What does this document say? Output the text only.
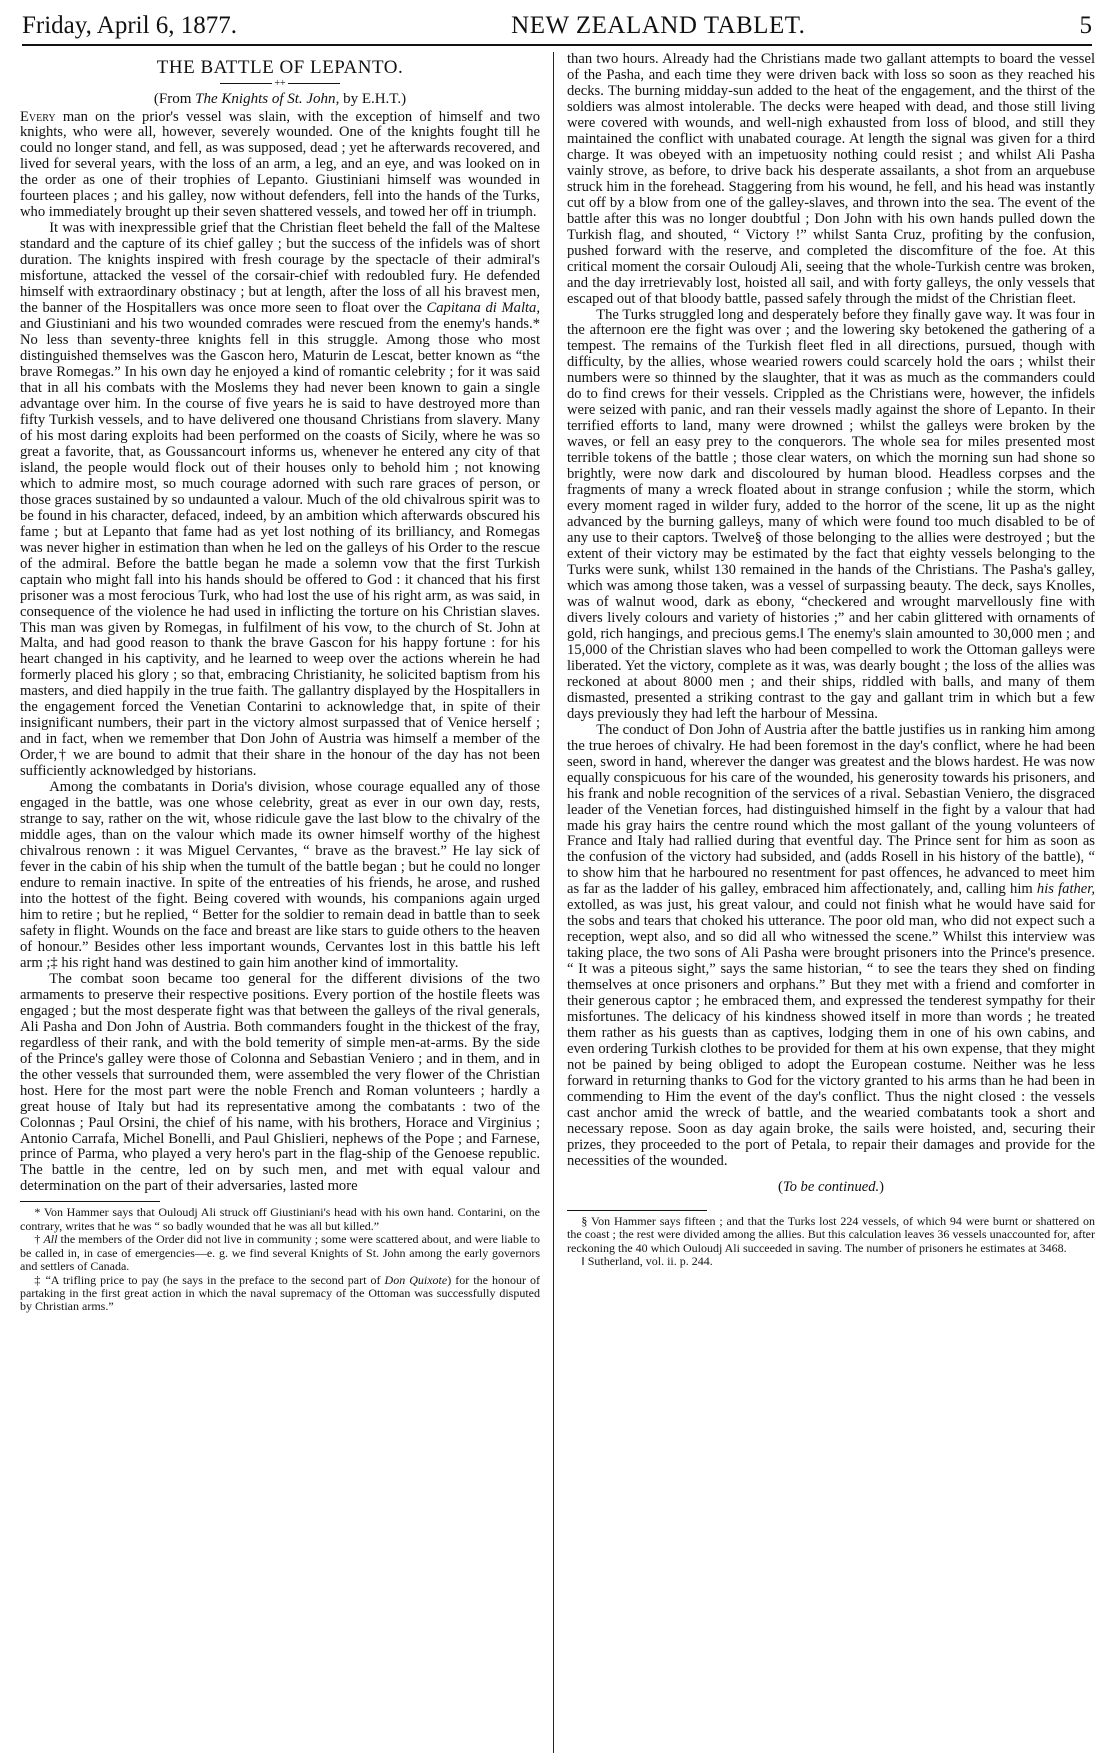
Friday, April 6, 1877.	NEW ZEALAND TABLET.	5
THE BATTLE OF LEPANTO.
++
(From The Knights of St. John, by E.H.T.)

Every man on the prior's vessel was slain, with the exception of himself and two knights, who were all, however, severely wounded. One of the knights fought till he could no longer stand, and fell, as was supposed, dead ; yet he afterwards recovered, and lived for several years, with the loss of an arm, a leg, and an eye, and was looked on in the order as one of their trophies of Lepanto. Giustiniani himself was wounded in fourteen places ; and his galley, now without defenders, fell into the hands of the Turks, who immediately brought up their seven shattered vessels, and towed her off in triumph.

It was with inexpressible grief that the Christian fleet beheld the fall of the Maltese standard and the capture of its chief galley ; but the success of the infidels was of short duration. The knights inspired with fresh courage by the spectacle of their admiral's misfortune, attacked the vessel of the corsair-chief with redoubled fury. He defended himself with extraordinary obstinacy ; but at length, after the loss of all his bravest men, the banner of the Hospitallers was once more seen to float over the Capitana di Malta, and Giustiniani and his two wounded comrades were rescued from the enemy's hands.* No less than seventy-three knights fell in this struggle. Among those who most distinguished themselves was the Gascon hero, Maturin de Lescat, better known as “the brave Romegas.” In his own day he enjoyed a kind of romantic celebrity ; for it was said that in all his combats with the Moslems they had never been known to gain a single advantage over him. In the course of five years he is said to have destroyed more than fifty Turkish vessels, and to have delivered one thousand Christians from slavery. Many of his most daring exploits had been performed on the coasts of Sicily, where he was so great a favorite, that, as Goussancourt informs us, whenever he entered any city of that island, the people would flock out of their houses only to behold him ; not knowing which to admire most, so much courage adorned with such rare graces of person, or those graces sustained by so undaunted a valour. Much of the old chivalrous spirit was to be found in his character, defaced, indeed, by an ambition which afterwards obscured his fame ; but at Lepanto that fame had as yet lost nothing of its brilliancy, and Romegas was never higher in estimation than when he led on the galleys of his Order to the rescue of the admiral. Before the battle began he made a solemn vow that the first Turkish captain who might fall into his hands should be offered to God : it chanced that his first prisoner was a most ferocious Turk, who had lost the use of his right arm, as was said, in consequence of the violence he had used in inflicting the torture on his Christian slaves. This man was given by Romegas, in fulfilment of his vow, to the church of St. John at Malta, and had good reason to thank the brave Gascon for his happy fortune : for his heart changed in his captivity, and he learned to weep over the actions wherein he had formerly placed his glory ; so that, embracing Christianity, he solicited baptism from his masters, and died happily in the true faith. The gallantry displayed by the Hospitallers in the engagement forced the Venetian Contarini to acknowledge that, in spite of their insignificant numbers, their part in the victory almost surpassed that of Venice herself ; and in fact, when we remember that Don John of Austria was himself a member of the Order,† we are bound to admit that their share in the honour of the day has not been sufficiently acknowledged by historians.

Among the combatants in Doria's division, whose courage equalled any of those engaged in the battle, was one whose celebrity, great as ever in our own day, rests, strange to say, rather on the wit, whose ridicule gave the last blow to the chivalry of the middle ages, than on the valour which made its owner himself worthy of the highest chivalrous renown : it was Miguel Cervantes, “ brave as the bravest.” He lay sick of fever in the cabin of his ship when the tumult of the battle began ; but he could no longer endure to remain inactive. In spite of the entreaties of his friends, he arose, and rushed into the hottest of the fight. Being covered with wounds, his companions again urged him to retire ; but he replied, “ Better for the soldier to remain dead in battle than to seek safety in flight. Wounds on the face and breast are like stars to guide others to the heaven of honour.” Besides other less important wounds, Cervantes lost in this battle his left arm ;‡ his right hand was destined to gain him another kind of immortality.

The combat soon became too general for the different divisions of the two armaments to preserve their respective positions. Every portion of the hostile fleets was engaged ; but the most desperate fight was that between the galleys of the rival generals, Ali Pasha and Don John of Austria. Both commanders fought in the thickest of the fray, regardless of their rank, and with the bold temerity of simple men-at-arms. By the side of the Prince's galley were those of Colonna and Sebastian Veniero ; and in them, and in the other vessels that surrounded them, were assembled the very flower of the Christian host. Here for the most part were the noble French and Roman volunteers ; hardly a great house of Italy but had its representative among the combatants : two of the Colonnas ; Paul Orsini, the chief of his name, with his brothers, Horace and Virginius ; Antonio Carrafa, Michel Bonelli, and Paul Ghislieri, nephews of the Pope ; and Farnese, prince of Parma, who played a very hero's part in the flag-ship of the Genoese republic. The battle in the centre, led on by such men, and met with equal valour and determination on the part of their adversaries, lasted more

* Von Hammer says that Ouloudj Ali struck off Giustiniani's head with his own hand. Contarini, on the contrary, writes that he was “ so badly wounded that he was all but killed.”

† All the members of the Order did not live in community ; some were scattered about, and were liable to be called in, in case of emergencies—e. g. we find several Knights of St. John among the early governors and settlers of Canada.

‡ “A trifling price to pay (he says in the preface to the second part of Don Quixote) for the honour of partaking in the first great action in which the naval supremacy of the Ottoman was successfully disputed by Christian arms.”

than two hours. Already had the Christians made two gallant attempts to board the vessel of the Pasha, and each time they were driven back with loss so soon as they reached his decks. The burning midday-sun added to the heat of the engagement, and the thirst of the soldiers was almost intolerable. The decks were heaped with dead, and those still living were covered with wounds, and well-nigh exhausted from loss of blood, and still they maintained the conflict with unabated courage. At length the signal was given for a third charge. It was obeyed with an impetuosity nothing could resist ; and whilst Ali Pasha vainly strove, as before, to drive back his desperate assailants, a shot from an arquebuse struck him in the forehead. Staggering from his wound, he fell, and his head was instantly cut off by a blow from one of the galley-slaves, and thrown into the sea. The event of the battle after this was no longer doubtful ; Don John with his own hands pulled down the Turkish flag, and shouted, “ Victory !” whilst Santa Cruz, profiting by the confusion, pushed forward with the reserve, and completed the discomfiture of the foe. At this critical moment the corsair Ouloudj Ali, seeing that the whole-Turkish centre was broken, and the day irretrievably lost, hoisted all sail, and with forty galleys, the only vessels that escaped out of that bloody battle, passed safely through the midst of the Christian fleet.

The Turks struggled long and desperately before they finally gave way. It was four in the afternoon ere the fight was over ; and the lowering sky betokened the gathering of a tempest. The remains of the Turkish fleet fled in all directions, pursued, though with difficulty, by the allies, whose wearied rowers could scarcely hold the oars ; whilst their numbers were so thinned by the slaughter, that it was as much as the commanders could do to find crews for their vessels. Crippled as the Christians were, however, the infidels were seized with panic, and ran their vessels madly against the shore of Lepanto. In their terrified efforts to land, many were drowned ; whilst the galleys were broken by the waves, or fell an easy prey to the conquerors. The whole sea for miles presented most terrible tokens of the battle ; those clear waters, on which the morning sun had shone so brightly, were now dark and discoloured by human blood. Headless corpses and the fragments of many a wreck floated about in strange confusion ; while the storm, which every moment raged in wilder fury, added to the horror of the scene, lit up as the night advanced by the burning galleys, many of which were found too much disabled to be of any use to their captors. Twelve§ of those belonging to the allies were destroyed ; but the extent of their victory may be estimated by the fact that eighty vessels belonging to the Turks were sunk, whilst 130 remained in the hands of the Christians. The Pasha's galley, which was among those taken, was a vessel of surpassing beauty. The deck, says Knolles, was of walnut wood, dark as ebony, “checkered and wrought marvellously fine with divers lively colours and variety of histories ;” and her cabin glittered with ornaments of gold, rich hangings, and precious gems.‖ The enemy's slain amounted to 30,000 men ; and 15,000 of the Christian slaves who had been compelled to work the Ottoman galleys were liberated. Yet the victory, complete as it was, was dearly bought ; the loss of the allies was reckoned at about 8000 men ; and their ships, riddled with balls, and many of them dismasted, presented a striking contrast to the gay and gallant trim in which but a few days previously they had left the harbour of Messina.

The conduct of Don John of Austria after the battle justifies us in ranking him among the true heroes of chivalry. He had been foremost in the day's conflict, where he had been seen, sword in hand, wherever the danger was greatest and the blows hardest. He was now equally conspicuous for his care of the wounded, his generosity towards his prisoners, and his frank and noble recognition of the services of a rival. Sebastian Veniero, the disgraced leader of the Venetian forces, had distinguished himself in the fight by a valour that had made his gray hairs the centre round which the most gallant of the young volunteers of France and Italy had rallied during that eventful day. The Prince sent for him as soon as the confusion of the victory had subsided, and (adds Rosell in his history of the battle), “ to show him that he harboured no resentment for past offences, he advanced to meet him as far as the ladder of his galley, embraced him affectionately, and, calling him his father, extolled, as was just, his great valour, and could not finish what he would have said for the sobs and tears that choked his utterance. The poor old man, who did not expect such a reception, wept also, and so did all who witnessed the scene.” Whilst this interview was taking place, the two sons of Ali Pasha were brought prisoners into the Prince's presence. “ It was a piteous sight,” says the same historian, “ to see the tears they shed on finding themselves at once prisoners and orphans.” But they met with a friend and comforter in their generous captor ; he embraced them, and expressed the tenderest sympathy for their misfortunes. The delicacy of his kindness showed itself in more than words ; he treated them rather as his guests than as captives, lodging them in one of his own cabins, and even ordering Turkish clothes to be provided for them at his own expense, that they might not be pained by being obliged to adopt the European costume. Neither was he less forward in returning thanks to God for the victory granted to his arms than he had been in commending to Him the event of the day's conflict. Thus the night closed : the vessels cast anchor amid the wreck of battle, and the wearied combatants took a short and necessary repose. Soon as day again broke, the sails were hoisted, and, securing their prizes, they proceeded to the port of Petala, to repair their damages and provide for the necessities of the wounded.

(To be continued.)

§ Von Hammer says fifteen ; and that the Turks lost 224 vessels, of which 94 were burnt or shattered on the coast ; the rest were divided among the allies. But this calculation leaves 36 vessels unaccounted for, after reckoning the 40 which Ouloudj Ali succeeded in saving. The number of prisoners he estimates at 3468.

‖ Sutherland, vol. ii. p. 244.
